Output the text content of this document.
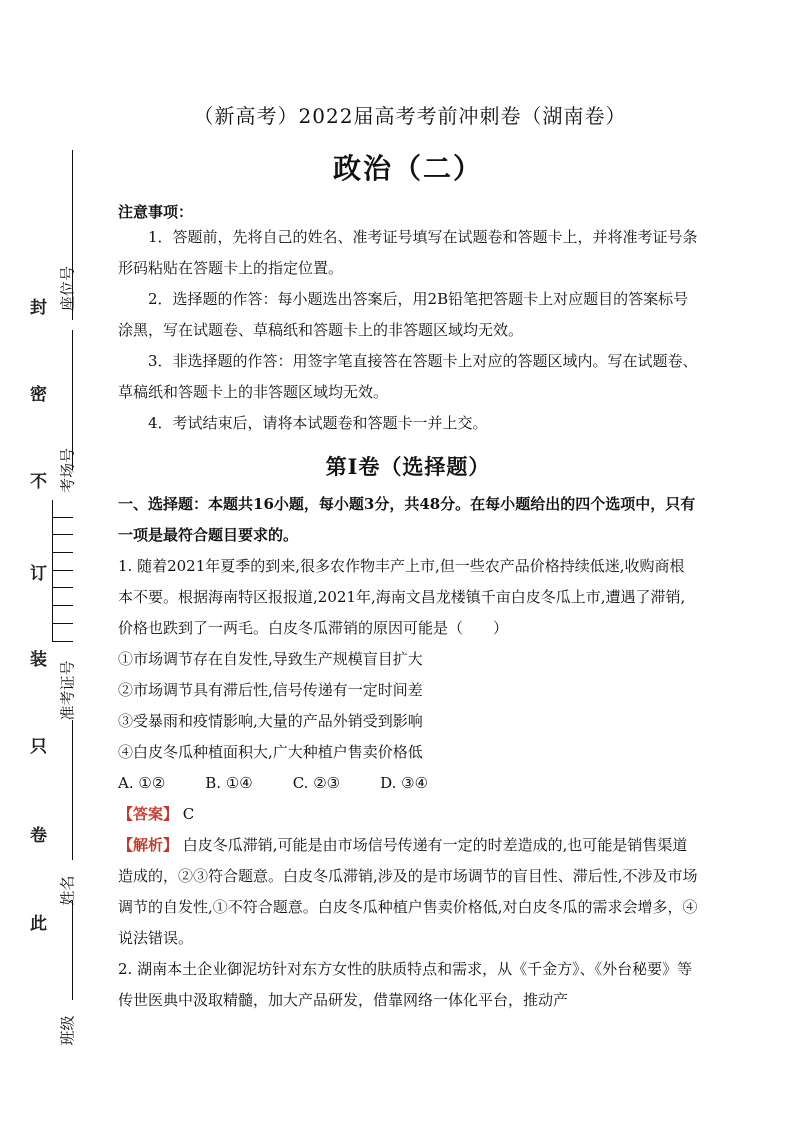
封
密
不
订
装
只
卷
此
座位号
考场号
准考证号
姓名
班级
（新高考）2022届高考考前冲刺卷（湖南卷）
政治（二）
注意事项：
1．答题前，先将自己的姓名、准考证号填写在试题卷和答题卡上，并将准考证号条形码粘贴在答题卡上的指定位置。
2．选择题的作答：每小题选出答案后，用2B铅笔把答题卡上对应题目的答案标号涂黑，写在试题卷、草稿纸和答题卡上的非答题区域均无效。
3．非选择题的作答：用签字笔直接答在答题卡上对应的答题区域内。写在试题卷、草稿纸和答题卡上的非答题区域均无效。
4．考试结束后，请将本试题卷和答题卡一并上交。
第Ⅰ卷（选择题）
一、选择题：本题共16小题，每小题3分，共48分。在每小题给出的四个选项中，只有一项是最符合题目要求的。
1. 随着2021年夏季的到来,很多农作物丰产上市,但一些农产品价格持续低迷,收购商根本不要。根据海南特区报报道,2021年,海南文昌龙楼镇千亩白皮冬瓜上市,遭遇了滞销,价格也跌到了一两毛。白皮冬瓜滞销的原因可能是（　　）
①市场调节存在自发性,导致生产规模盲目扩大
②市场调节具有滞后性,信号传递有一定时间差
③受暴雨和疫情影响,大量的产品外销受到影响
④白皮冬瓜种植面积大,广大种植户售卖价格低
A. ①②	B. ①④	C. ②③	D. ③④
【答案】 C
【解析】 白皮冬瓜滞销,可能是由市场信号传递有一定的时差造成的,也可能是销售渠道造成的，②③符合题意。白皮冬瓜滞销,涉及的是市场调节的盲目性、滞后性,不涉及市场调节的自发性,①不符合题意。白皮冬瓜种植户售卖价格低,对白皮冬瓜的需求会增多，④说法错误。
2. 湖南本土企业御泥坊针对东方女性的肤质特点和需求，从《千金方》、《外台秘要》等传世医典中汲取精髓，加大产品研发，借靠网络一体化平台，推动产
